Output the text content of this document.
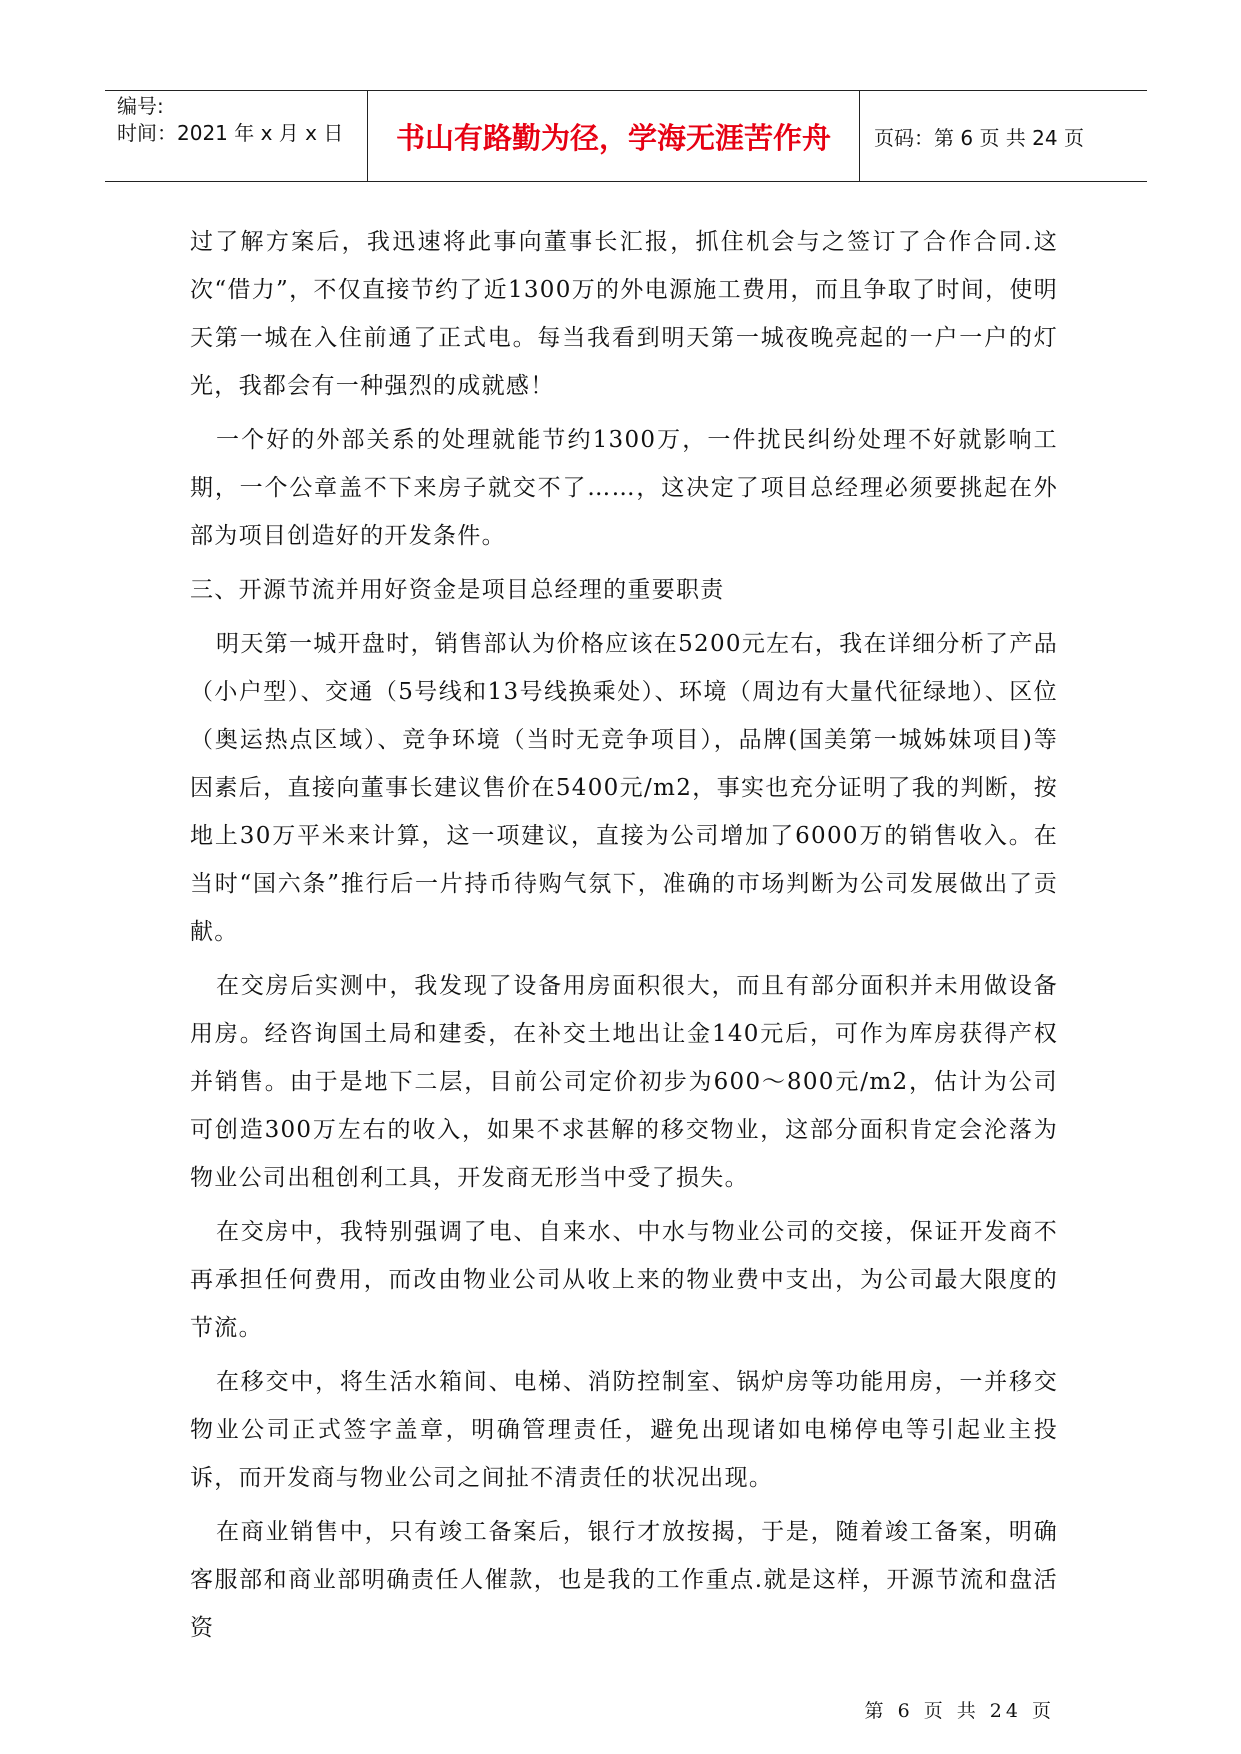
编号:
时间：2021 年 x 月 x 日	书山有路勤为径，学海无涯苦作舟	页码：第 6 页 共 24 页

过了解方案后，我迅速将此事向董事长汇报，抓住机会与之签订了合作合同.这次“借力”，不仅直接节约了近1300万的外电源施工费用，而且争取了时间，使明天第一城在入住前通了正式电。每当我看到明天第一城夜晚亮起的一户一户的灯光，我都会有一种强烈的成就感！

一个好的外部关系的处理就能节约1300万，一件扰民纠纷处理不好就影响工期，一个公章盖不下来房子就交不了……，这决定了项目总经理必须要挑起在外部为项目创造好的开发条件。

三、开源节流并用好资金是项目总经理的重要职责

明天第一城开盘时，销售部认为价格应该在5200元左右，我在详细分析了产品（小户型）、交通（5号线和13号线换乘处）、环境（周边有大量代征绿地）、区位（奥运热点区域）、竞争环境（当时无竞争项目），品牌(国美第一城姊妹项目)等因素后，直接向董事长建议售价在5400元/m2，事实也充分证明了我的判断，按地上30万平米来计算，这一项建议，直接为公司增加了6000万的销售收入。在当时“国六条”推行后一片持币待购气氛下，准确的市场判断为公司发展做出了贡献。

在交房后实测中，我发现了设备用房面积很大，而且有部分面积并未用做设备用房。经咨询国土局和建委，在补交土地出让金140元后，可作为库房获得产权并销售。由于是地下二层，目前公司定价初步为600～800元/m2，估计为公司可创造300万左右的收入，如果不求甚解的移交物业，这部分面积肯定会沦落为物业公司出租创利工具，开发商无形当中受了损失。

在交房中，我特别强调了电、自来水、中水与物业公司的交接，保证开发商不再承担任何费用，而改由物业公司从收上来的物业费中支出，为公司最大限度的节流。

在移交中，将生活水箱间、电梯、消防控制室、锅炉房等功能用房，一并移交物业公司正式签字盖章，明确管理责任，避免出现诸如电梯停电等引起业主投诉，而开发商与物业公司之间扯不清责任的状况出现。

在商业销售中，只有竣工备案后，银行才放按揭，于是，随着竣工备案，明确客服部和商业部明确责任人催款，也是我的工作重点.就是这样，开源节流和盘活资

第 6 页 共 24 页
